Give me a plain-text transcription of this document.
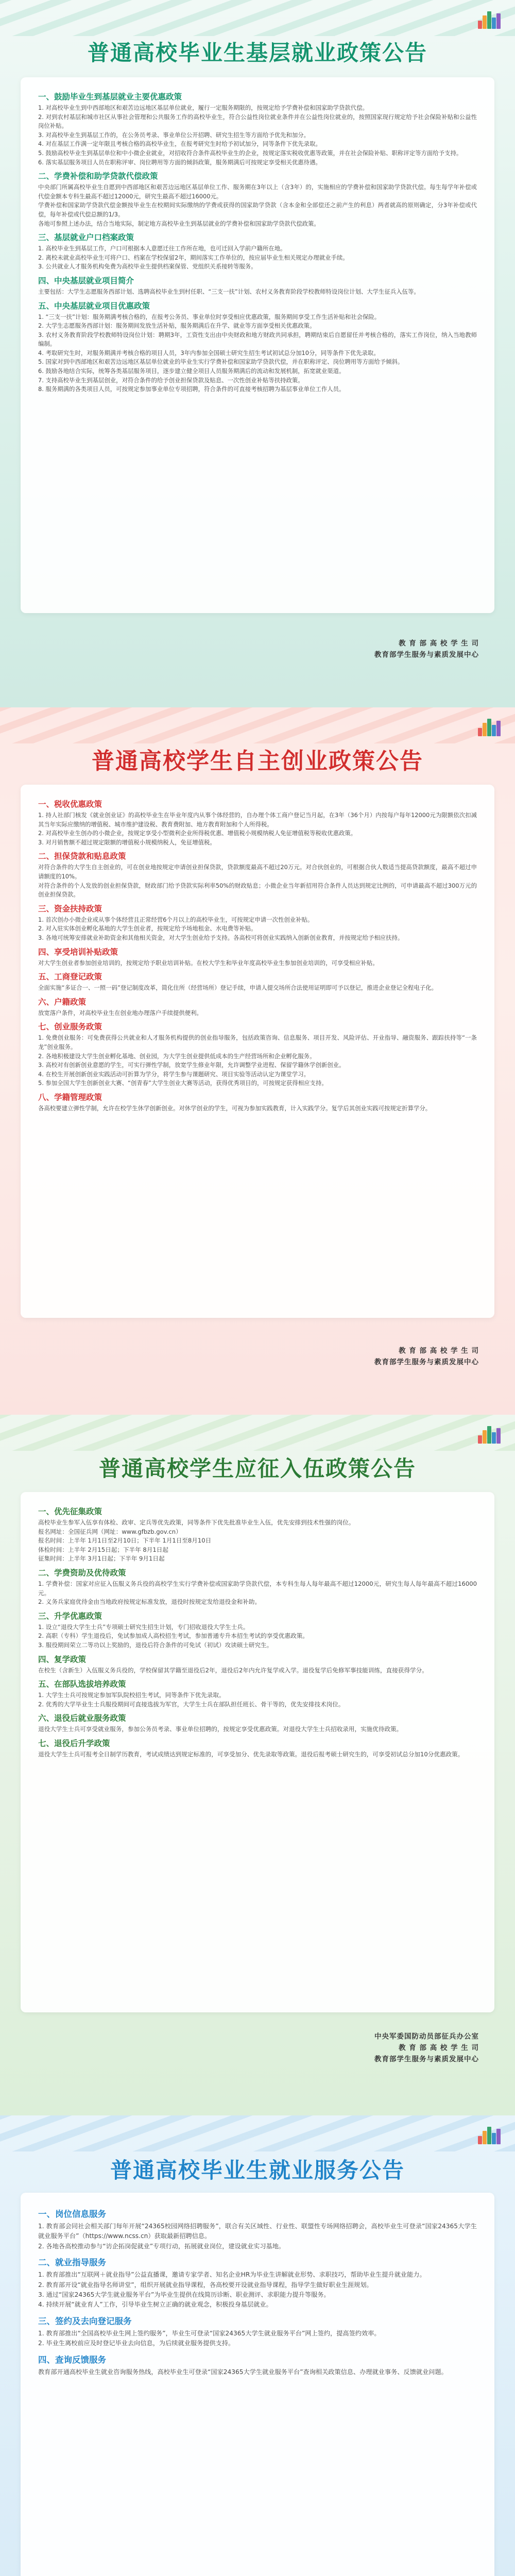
普通高校毕业生基层就业政策公告
一、鼓励毕业生到基层就业主要优惠政策

1. 对高校毕业生到中西部地区和艰苦边远地区基层单位就业，履行一定服务期限的，按规定给予学费补偿和国家助学贷款代偿。

2. 对到农村基层和城市社区从事社会管理和公共服务工作的高校毕业生，符合公益性岗位就业条件并在公益性岗位就业的，按照国家现行规定给予社会保险补贴和公益性岗位补贴。

3. 对高校毕业生到基层工作的，在公务员考录、事业单位公开招聘、研究生招生等方面给予优先和加分。

4. 对在基层工作满一定年限且考核合格的高校毕业生，在报考研究生时给予初试加分，同等条件下优先录取。

5. 鼓励高校毕业生到基层单位和中小微企业就业，对招收符合条件高校毕业生的企业，按规定落实税收优惠等政策，并在社会保险补贴、职称评定等方面给予支持。

6. 落实基层服务项目人员在职称评审、岗位聘用等方面的倾斜政策，服务期满后可按规定享受相关优惠待遇。

二、学费补偿和助学贷款代偿政策

中央部门所属高校毕业生自愿到中西部地区和艰苦边远地区基层单位工作、服务期在3年以上（含3年）的，实施相应的学费补偿和国家助学贷款代偿。每生每学年补偿或代偿金额本专科生最高不超过12000元，研究生最高不超过16000元。

学费补偿和国家助学贷款代偿金额按毕业生在校期间实际缴纳的学费或获得的国家助学贷款（含本金和全部偿还之前产生的利息）两者就高的原则确定，分3年补偿或代偿，每年补偿或代偿总额的1/3。

各地可参照上述办法，结合当地实际，制定地方高校毕业生到基层就业的学费补偿和国家助学贷款代偿政策。

三、基层就业户口档案政策

1. 高校毕业生到基层工作，户口可根据本人意愿迁往工作所在地，也可迁回入学前户籍所在地。

2. 离校未就业高校毕业生可将户口、档案在学校保留2年，期间落实工作单位的，按应届毕业生相关规定办理就业手续。

3. 公共就业人才服务机构免费为高校毕业生提供档案保管、党组织关系接转等服务。

四、中央基层就业项目简介

主要包括：大学生志愿服务西部计划、选聘高校毕业生到村任职、“三支一扶”计划、农村义务教育阶段学校教师特设岗位计划、大学生征兵入伍等。

五、中央基层就业项目优惠政策

1. “三支一扶”计划：服务期满考核合格的，在报考公务员、事业单位时享受相应优惠政策，服务期间享受工作生活补贴和社会保险。

2. 大学生志愿服务西部计划：服务期间发放生活补贴，服务期满后在升学、就业等方面享受相关优惠政策。

3. 农村义务教育阶段学校教师特设岗位计划：聘期3年，工资性支出由中央财政和地方财政共同承担，聘期结束后自愿留任并考核合格的，落实工作岗位，纳入当地教师编制。

4. 考取研究生时，对服务期满并考核合格的项目人员，3年内参加全国硕士研究生招生考试初试总分加10分，同等条件下优先录取。

5. 国家对到中西部地区和艰苦边远地区基层单位就业的毕业生实行学费补偿和国家助学贷款代偿，并在职称评定、岗位聘用等方面给予倾斜。

6. 鼓励各地结合实际，统筹各类基层服务项目，逐步建立健全项目人员服务期满后的流动和发展机制，拓宽就业渠道。

7. 支持高校毕业生到基层创业，对符合条件的给予创业担保贷款及贴息、一次性创业补贴等扶持政策。

8. 服务期满的各类项目人员，可按规定参加事业单位专项招聘，符合条件的可直接考核招聘为基层事业单位工作人员。

教 育 部 高 校 学 生 司
教育部学生服务与素质发展中心
普通高校学生自主创业政策公告
一、税收优惠政策

1. 持人社部门核发《就业创业证》的高校毕业生在毕业年度内从事个体经营的，自办理个体工商户登记当月起，在3年（36个月）内按每户每年12000元为限额依次扣减其当年实际应缴纳的增值税、城市维护建设税、教育费附加、地方教育附加和个人所得税。

2. 对高校毕业生创办的小微企业，按规定享受小型微利企业所得税优惠、增值税小规模纳税人免征增值税等税收优惠政策。

3. 对月销售额不超过规定限额的增值税小规模纳税人，免征增值税。

二、担保贷款和贴息政策

对符合条件的大学生自主创业的，可在创业地按规定申请创业担保贷款，贷款额度最高不超过20万元。对合伙创业的，可根据合伙人数适当提高贷款额度，最高不超过申请额度的10%。

对符合条件的个人发放的创业担保贷款，财政部门给予贷款实际利率50%的财政贴息；小微企业当年新招用符合条件人员达到规定比例的，可申请最高不超过300万元的创业担保贷款。

三、资金扶持政策

1. 首次创办小微企业或从事个体经营且正常经营6个月以上的高校毕业生，可按规定申请一次性创业补贴。

2. 对入驻实体创业孵化基地的大学生创业者，按规定给予场地租金、水电费等补贴。

3. 各地可统筹安排就业补助资金和其他相关资金，对大学生创业给予支持。各高校可将创业实践纳入创新创业教育，并按规定给予相应扶持。

四、享受培训补贴政策

对大学生创业者参加创业培训的，按规定给予职业培训补贴。在校大学生和毕业年度高校毕业生参加创业培训的，可享受相应补贴。

五、工商登记政策

全面实施“多证合一、一照一码”登记制度改革，简化住所（经营场所）登记手续，申请人提交场所合法使用证明即可予以登记，推进企业登记全程电子化。

六、户籍政策

放宽落户条件，对高校毕业生在创业地办理落户手续提供便利。

七、创业服务政策

1. 免费创业服务：可免费获得公共就业和人才服务机构提供的创业指导服务，包括政策咨询、信息服务、项目开发、风险评估、开业指导、融资服务、跟踪扶持等“一条龙”创业服务。

2. 各地积极建设大学生创业孵化基地、创业园，为大学生创业提供低成本的生产经营场所和企业孵化服务。

3. 高校对有创新创业意愿的学生，可实行弹性学制，放宽学生修业年限，允许调整学业进程、保留学籍休学创新创业。

4. 在校生开展创新创业实践活动可折算为学分，将学生参与课题研究、项目实验等活动认定为课堂学习。

5. 参加全国大学生创新创业大赛、“创青春”大学生创业大赛等活动，获得优秀项目的，可按规定获得相应支持。

八、学籍管理政策

各高校要建立弹性学制，允许在校学生休学创新创业。对休学创业的学生，可视为参加实践教育，计入实践学分。复学后其创业实践可按规定折算学分。

教 育 部 高 校 学 生 司
教育部学生服务与素质发展中心
普通高校学生应征入伍政策公告
一、优先征集政策

高校毕业生参军入伍享有体检、政审、定兵等优先政策，同等条件下优先批准毕业生入伍，优先安排到技术性强的岗位。

报名网址：全国征兵网（网址：www.gfbzb.gov.cn）

报名时间：上半年 1月1日至2月10日；下半年 1月1日至8月10日

体检时间：上半年 2月15日起；下半年 8月1日起

征集时间：上半年 3月1日起；下半年 9月1日起

二、学费资助及优待政策

1. 学费补偿：国家对应征入伍服义务兵役的高校学生实行学费补偿或国家助学贷款代偿，本专科生每人每年最高不超过12000元，研究生每人每年最高不超过16000元。

2. 义务兵家庭优待金由当地政府按规定标准发放，退役时按规定发给退役金和补助。

三、升学优惠政策

1. 设立“退役大学生士兵”专项硕士研究生招生计划，专门招收退役大学生士兵。

2. 高职（专科）学生退役后，免试参加成人高校招生考试，参加普通专升本招生考试的享受优惠政策。

3. 服役期间荣立二等功以上奖励的，退役后符合条件的可免试（初试）攻读硕士研究生。

四、复学政策

在校生（含新生）入伍服义务兵役的，学校保留其学籍至退役后2年，退役后2年内允许复学或入学。退役复学后免修军事技能训练，直接获得学分。

五、在部队选拔培养政策

1. 大学生士兵可按规定参加军队院校招生考试，同等条件下优先录取。

2. 优秀的大学毕业生士兵服役期间可直接选拔为军官，大学生士兵在部队担任班长、骨干等的，优先安排技术岗位。

六、退役后就业服务政策

退役大学生士兵可享受就业服务，参加公务员考录、事业单位招聘的，按规定享受优惠政策。对退役大学生士兵招收录用，实施优待政策。

七、退役后升学政策

退役大学生士兵可报考全日制学历教育，考试成绩达到规定标准的，可享受加分、优先录取等政策。退役后报考硕士研究生的，可享受初试总分加10分优惠政策。

中央军委国防动员部征兵办公室
教 育 部 高 校 学 生 司
教育部学生服务与素质发展中心
普通高校毕业生就业服务公告
一、岗位信息服务

1. 教育部会同社会相关部门每年开展“24365校园网络招聘服务”，联合有关区域性、行业性、联盟性专场网络招聘会，高校毕业生可登录“国家24365大学生就业服务平台”（https://www.ncss.cn）获取最新招聘信息。

2. 各地各高校推动参与“访企拓岗促就业”专项行动，拓展就业岗位，建设就业实习基地。

二、就业指导服务

1. 教育部推出“互联网＋就业指导”公益直播课，邀请专家学者、知名企业HR为毕业生讲解就业形势、求职技巧，帮助毕业生提升就业能力。

2. 教育部开设“就业指导名师讲堂”，组织开展就业指导课程，各高校要开设就业指导课程，指导学生做好职业生涯规划。

3. 通过“国家24365大学生就业服务平台”为毕业生提供在线简历诊断、职业测评、求职能力提升等服务。

4. 持续开展“就业育人”工作，引导毕业生树立正确的就业观念，积极投身基层就业。

三、签约及去向登记服务

1. 教育部推出“全国高校毕业生网上签约服务”，毕业生可登录“国家24365大学生就业服务平台”网上签约，提高签约效率。

2. 毕业生离校前应及时登记毕业去向信息，为后续就业服务提供支持。

四、查询反馈服务

教育部开通高校毕业生就业咨询服务热线，高校毕业生可登录“国家24365大学生就业服务平台”查询相关政策信息、办理就业事务、反馈就业问题。
